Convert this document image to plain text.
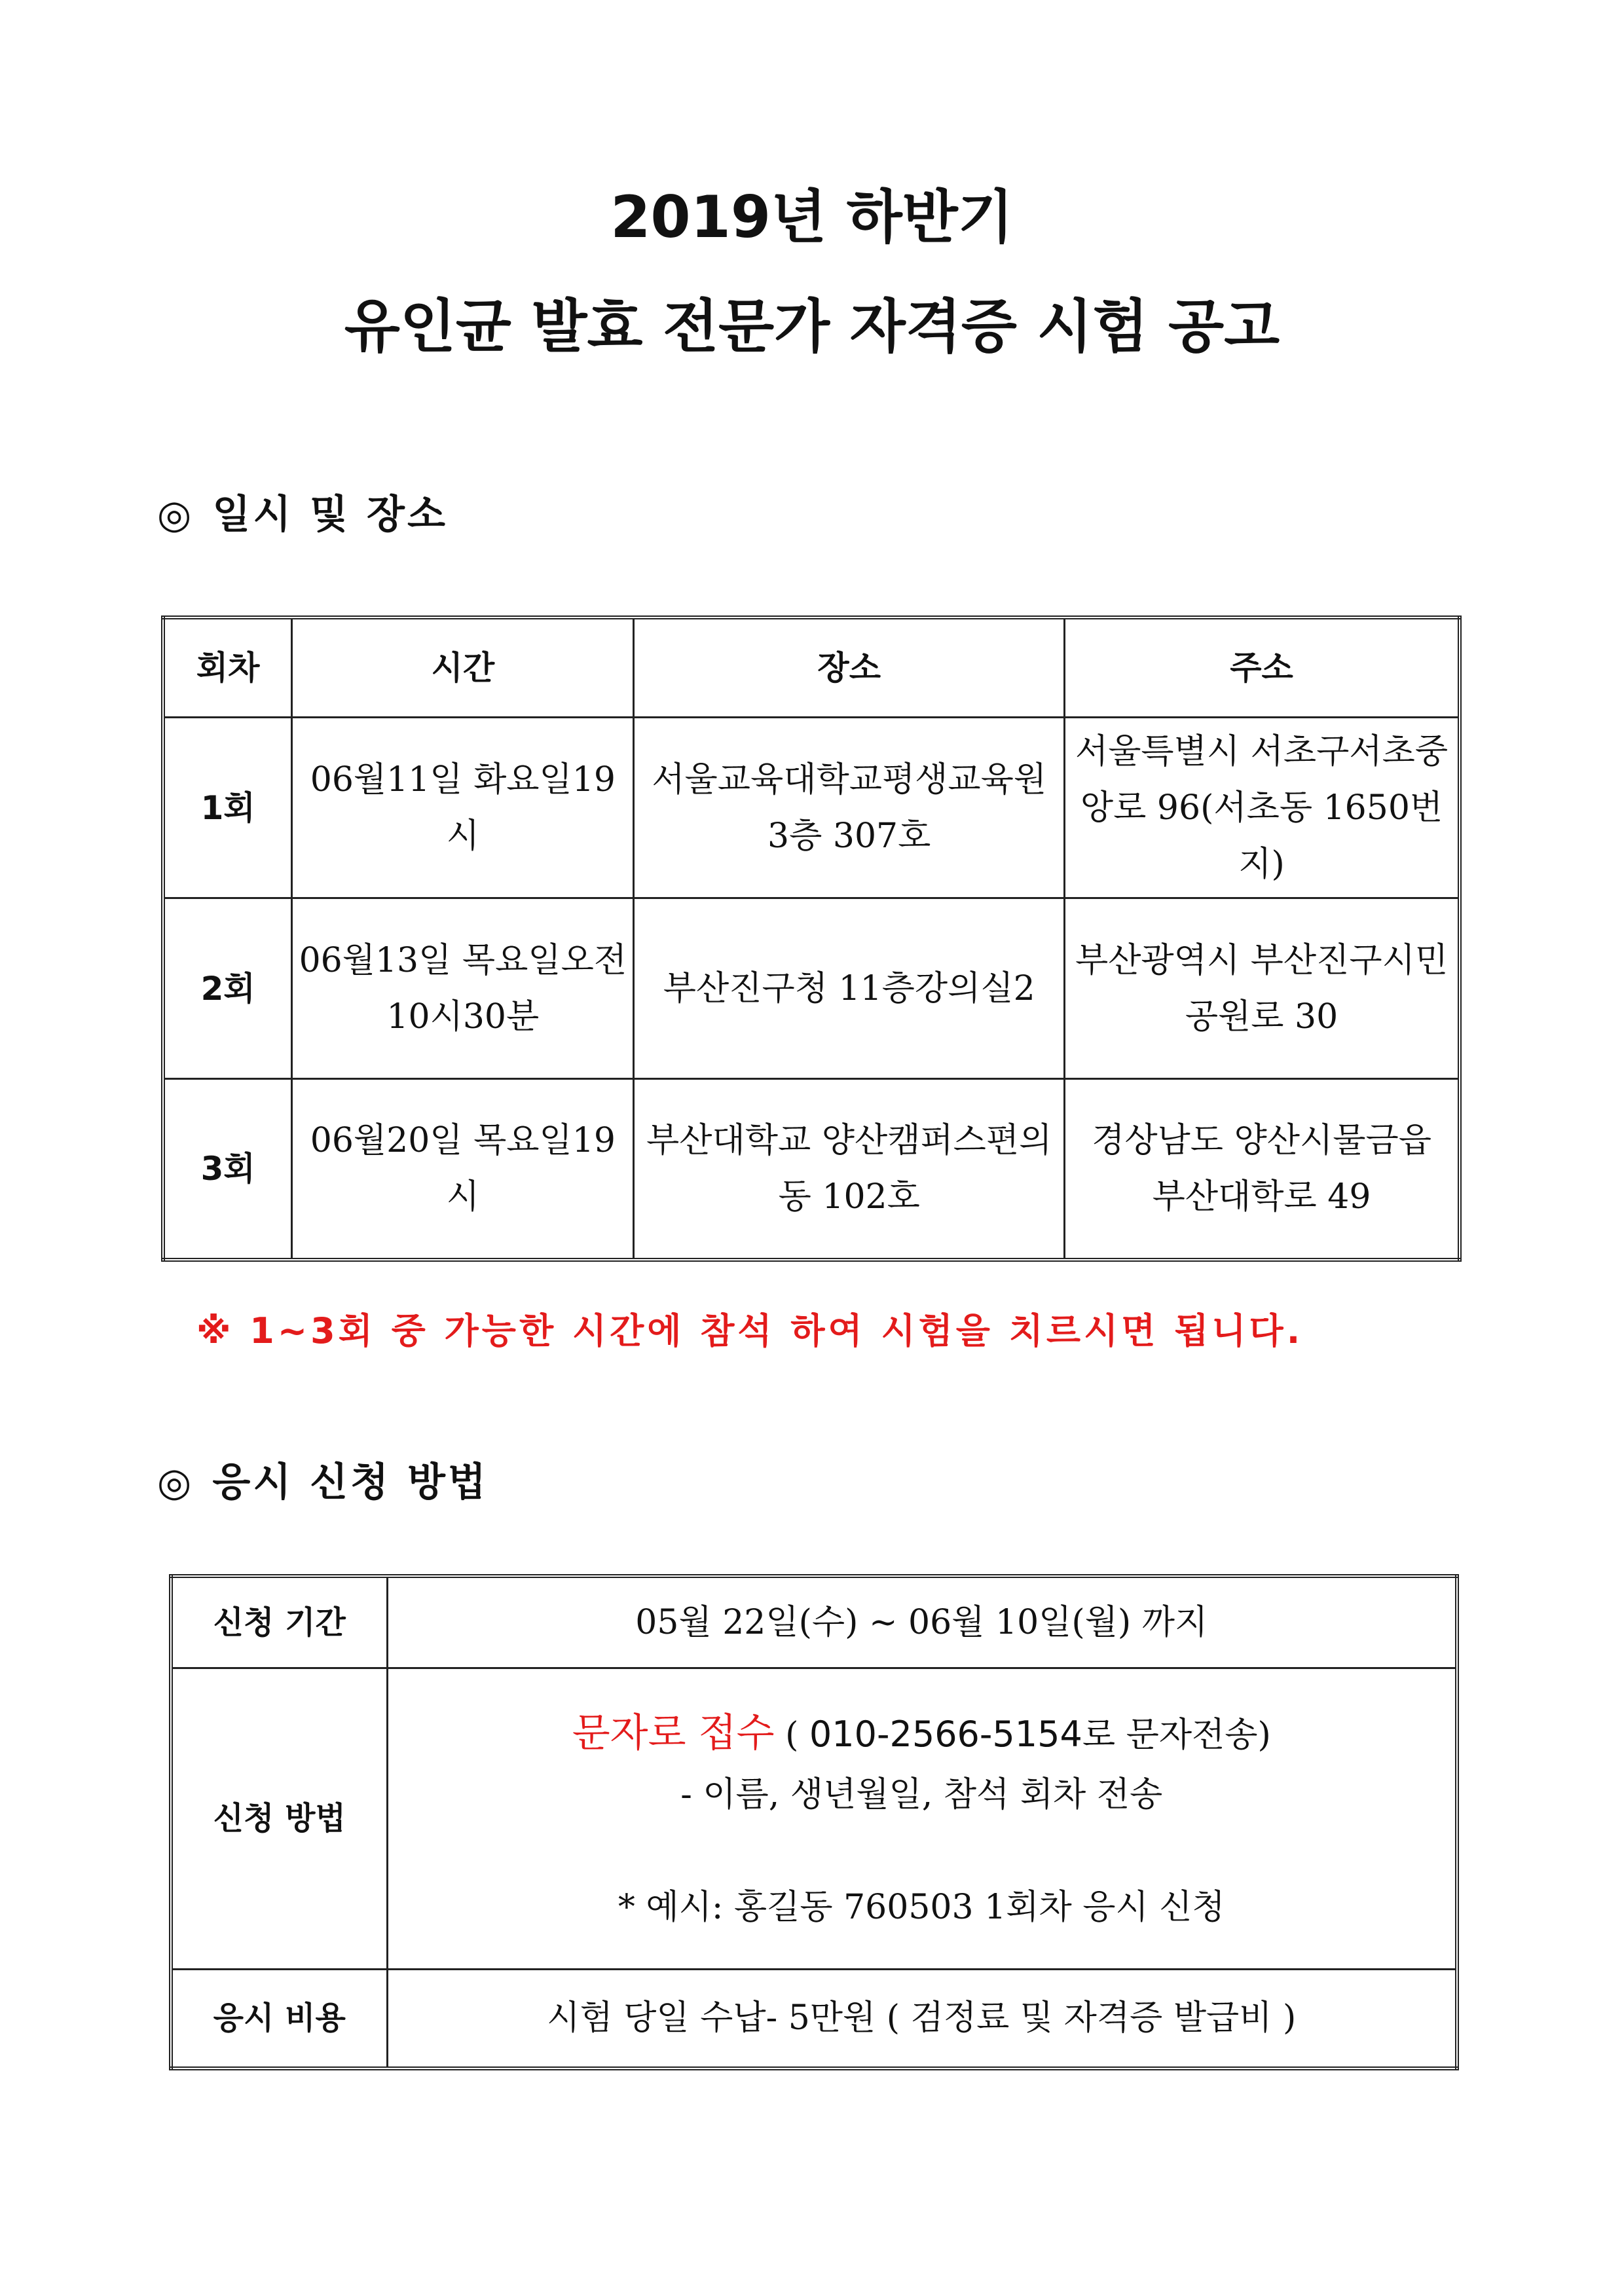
2019년 하반기
유인균 발효 전문가 자격증 시험 공고
◎ 일시 및 장소
회차	시간	장소	주소
1회	06월11일 화요일19시	서울교육대학교평생교육원 3층 307호	서울특별시 서초구서초중앙로 96(서초동 1650번지)
2회	06월13일 목요일오전 10시30분	부산진구청 11층강의실2	부산광역시 부산진구시민공원로 30
3회	06월20일 목요일19시	부산대학교 양산캠퍼스편의동 102호	경상남도 양산시물금읍 부산대학로 49
※ 1~3회 중 가능한 시간에 참석 하여 시험을 치르시면 됩니다.
◎ 응시 신청 방법
신청 기간	05월 22일(수) ~ 06월 10일(월) 까지
신청 방법	문자로 접수 ( 010-2566-5154로 문자전송)
- 이름, 생년월일, 참석 회차 전송
* 예시: 홍길동 760503 1회차 응시 신청

응시 비용	시험 당일 수납- 5만원 ( 검정료 및 자격증 발급비 )
